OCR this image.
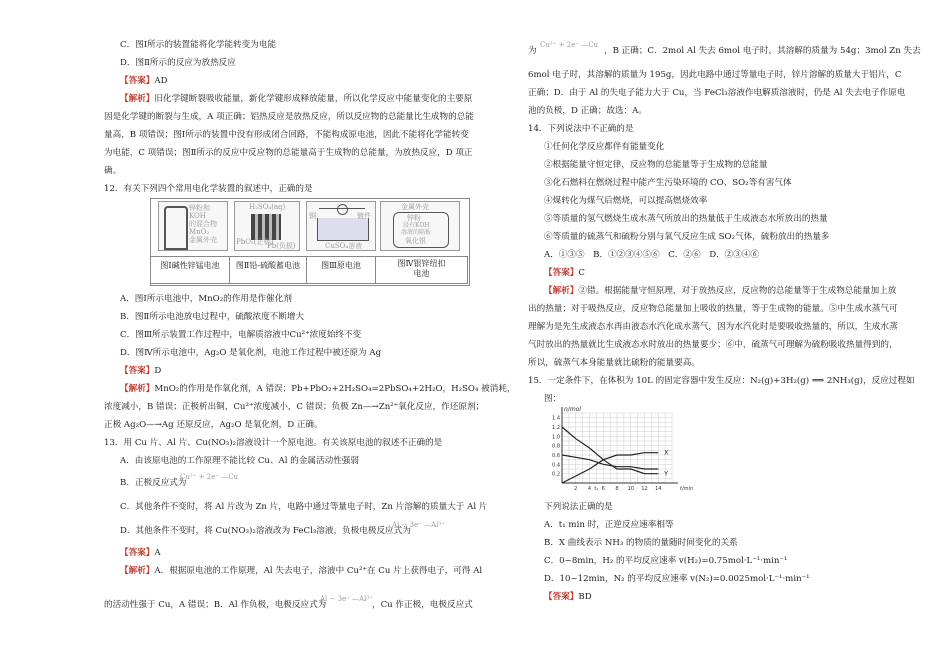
C．图Ⅰ所示的装置能将化学能转变为电能
D．图Ⅱ所示的反应为放热反应
【答案】AD
【解析】旧化学键断裂吸收能量，新化学键形成释放能量，所以化学反应中能量变化的主要原
因是化学键的断裂与生成，A 项正确；铝热反应是放热反应，所以反应物的总能量比生成物的总能
量高，B 项错误；图Ⅰ所示的装置中没有形成闭合回路，不能构成原电池，因此不能将化学能转变
为电能，C 项错误；图Ⅱ所示的反应中反应物的总能量高于生成物的总能量，为放热反应，D 项正
确。
12．有关下列四个常用电化学装置的叙述中，正确的是
锌粉和
KOH
的混合物
MnO₂
金属外壳
H₂SO₄(aq)
PbO₂(正极)
Pb(负极)
铜	镀件
CuSO₄溶液
金属外壳
锌粉
浸有KOH
溶液的隔板
氧化银
图Ⅰ碱性锌锰电池	图Ⅱ铅-硫酸蓄电池	图Ⅲ原电池	图Ⅳ银锌纽扣
电池
A．图Ⅰ所示电池中，MnO₂的作用是作催化剂
B．图Ⅱ所示电池放电过程中，硫酸浓度不断增大
C．图Ⅲ所示装置工作过程中，电解质溶液中Cu²⁺浓度始终不变
D．图Ⅳ所示电池中，Ag₂O 是氧化剂，电池工作过程中被还原为 Ag
【答案】D
【解析】MnO₂的作用是作氧化剂，A 错误；Pb+PbO₂+2H₂SO₄=2PbSO₄+2H₂O，H₂SO₄ 被消耗，
浓度减小，B 错误；正极析出铜，Cu²⁺浓度减小，C 错误；负极 Zn—→Zn²⁺氧化反应，作还原剂；
正极 Ag₂O—→Ag 还原反应，Ag₂O 是氧化剂，D 正确。
13．用 Cu 片、Al 片、Cu(NO₃)₂溶液设计一个原电池。有关该原电池的叙述不正确的是
A．由该原电池的工作原理不能比较 Cu、Al 的金属活动性强弱
B．正极反应式为
Cu²⁺ + 2e⁻ —Cu
C．其他条件不变时，将 Al 片改为 Zn 片，电路中通过等量电子时，Zn 片溶解的质量大于 Al 片
D．其他条件不变时，将 Cu(NO₃)₂溶液改为 FeCl₃溶液，负极电极反应式为
Al − 3e⁻ —Al³⁺
【答案】A
【解析】A．根据原电池的工作原理，Al 失去电子，溶液中 Cu²⁺在 Cu 片上获得电子，可得 Al
的活动性强于 Cu，A 错误；B．Al 作负极，电极反应式为
Al − 3e⁻ —Al³⁺
，Cu 作正极，电极反应式
为
Cu²⁺ + 2e⁻ —Cu
，B 正确；C．2mol Al 失去 6mol 电子时，其溶解的质量为 54g；3mol Zn 失去
6mol 电子时，其溶解的质量为 195g，因此电路中通过等量电子时，锌片溶解的质量大于铝片，C
正确；D．由于 Al 的失电子能力大于 Cu，当 FeCl₃溶液作电解质溶液时，仍是 Al 失去电子作原电
池的负极，D 正确；故选：A。
14．下列说法中不正确的是
①任何化学反应都伴有能量变化
②根据能量守恒定律，反应物的总能量等于生成物的总能量
③化石燃料在燃烧过程中能产生污染环境的 CO、SO₂等有害气体
④煤转化为煤气后燃烧，可以提高燃烧效率
⑤等质量的氢气燃烧生成水蒸气所放出的热量低于生成液态水所放出的热量
⑥等质量的硫蒸气和硫粉分别与氧气反应生成 SO₂气体，硫粉放出的热量多
A．①③⑤　B．①②③④⑤⑥　C．②⑥　D．②③④⑥
【答案】C
【解析】②错。根据能量守恒原理，对于放热反应，反应物的总能量等于生成物总能量加上放
出的热量；对于吸热反应，反应物总能量加上吸收的热量，等于生成物的能量。⑤中生成水蒸气可
理解为是先生成液态水再由液态水汽化成水蒸气，因为水汽化时是要吸收热量的，所以，生成水蒸
气时放出的热量就比生成液态水时放出的热量要少；⑥中，硫蒸气可理解为硫粉吸收热量得到的，
所以，硫蒸气本身能量就比硫粉的能量要高。
15．一定条件下，在体积为 10L 的固定容器中发生反应：N₂(g)+3H₂(g) ⟹ 2NH₃(g)，反应过程如
图：
0.2
0.4
0.6
0.8
1.0
1.2
1.4
2 4 t₁ 6 8 10 12 14
n/mol
t/min
X
Y
下列说法正确的是
A．t₁ min 时，正逆反应速率相等
B．X 曲线表示 NH₃ 的物质的量随时间变化的关系
C．0~8min，H₂ 的平均反应速率 v(H₂)=0.75mol·L⁻¹·min⁻¹
D．10~12min，N₂ 的平均反应速率 v(N₂)=0.0025mol·L⁻¹·min⁻¹
【答案】BD
